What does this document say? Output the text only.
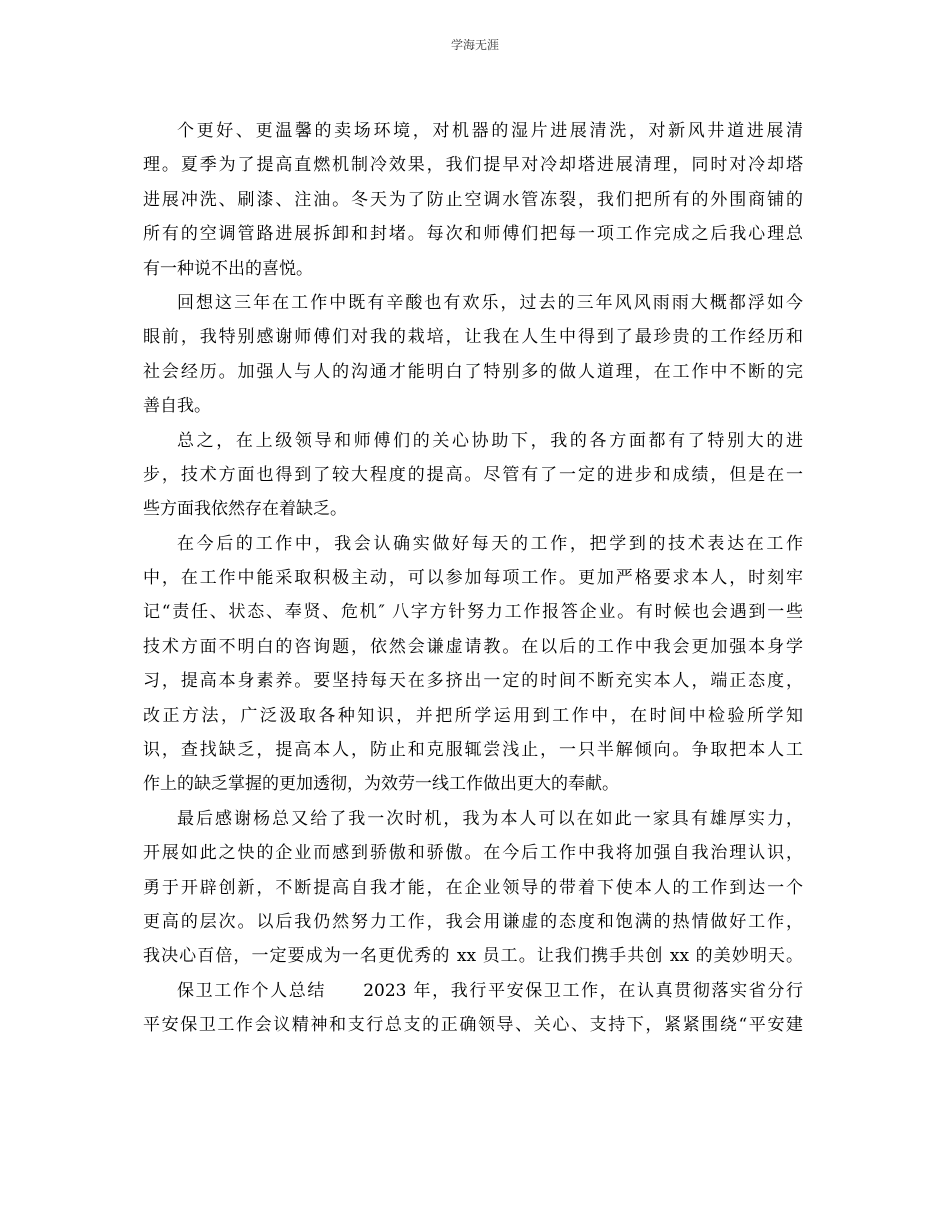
学海无涯
个更好、更温馨的卖场环境，对机器的湿片进展清洗，对新风井道进展清
理。夏季为了提高直燃机制冷效果，我们提早对冷却塔进展清理，同时对冷却塔
进展冲洗、刷漆、注油。冬天为了防止空调水管冻裂，我们把所有的外围商铺的
所有的空调管路进展拆卸和封堵。每次和师傅们把每一项工作完成之后我心理总
有一种说不出的喜悦。
回想这三年在工作中既有辛酸也有欢乐，过去的三年风风雨雨大概都浮如今
眼前，我特别感谢师傅们对我的栽培，让我在人生中得到了最珍贵的工作经历和
社会经历。加强人与人的沟通才能明白了特别多的做人道理，在工作中不断的完
善自我。
总之，在上级领导和师傅们的关心协助下，我的各方面都有了特别大的进
步，技术方面也得到了较大程度的提高。尽管有了一定的进步和成绩，但是在一
些方面我依然存在着缺乏。
在今后的工作中，我会认确实做好每天的工作，把学到的技术表达在工作
中，在工作中能采取积极主动，可以参加每项工作。更加严格要求本人，时刻牢
记“责任、状态、奉贤、危机″ 八字方针努力工作报答企业。有时候也会遇到一些
技术方面不明白的咨询题，依然会谦虚请教。在以后的工作中我会更加强本身学
习，提高本身素养。要坚持每天在多挤出一定的时间不断充实本人，端正态度，
改正方法，广泛汲取各种知识，并把所学运用到工作中，在时间中检验所学知
识，查找缺乏，提高本人，防止和克服辄尝浅止，一只半解倾向。争取把本人工
作上的缺乏掌握的更加透彻，为效劳一线工作做出更大的奉献。
最后感谢杨总又给了我一次时机，我为本人可以在如此一家具有雄厚实力，
开展如此之快的企业而感到骄傲和骄傲。在今后工作中我将加强自我治理认识，
勇于开辟创新，不断提高自我才能，在企业领导的带着下使本人的工作到达一个
更高的层次。以后我仍然努力工作，我会用谦虚的态度和饱满的热情做好工作，
我决心百倍，一定要成为一名更优秀的 xx 员工。让我们携手共创 xx 的美妙明天。
保卫工作个人总结　　2023 年，我行平安保卫工作，在认真贯彻落实省分行
平安保卫工作会议精神和支行总支的正确领导、关心、支持下，紧紧围绕“平安建
